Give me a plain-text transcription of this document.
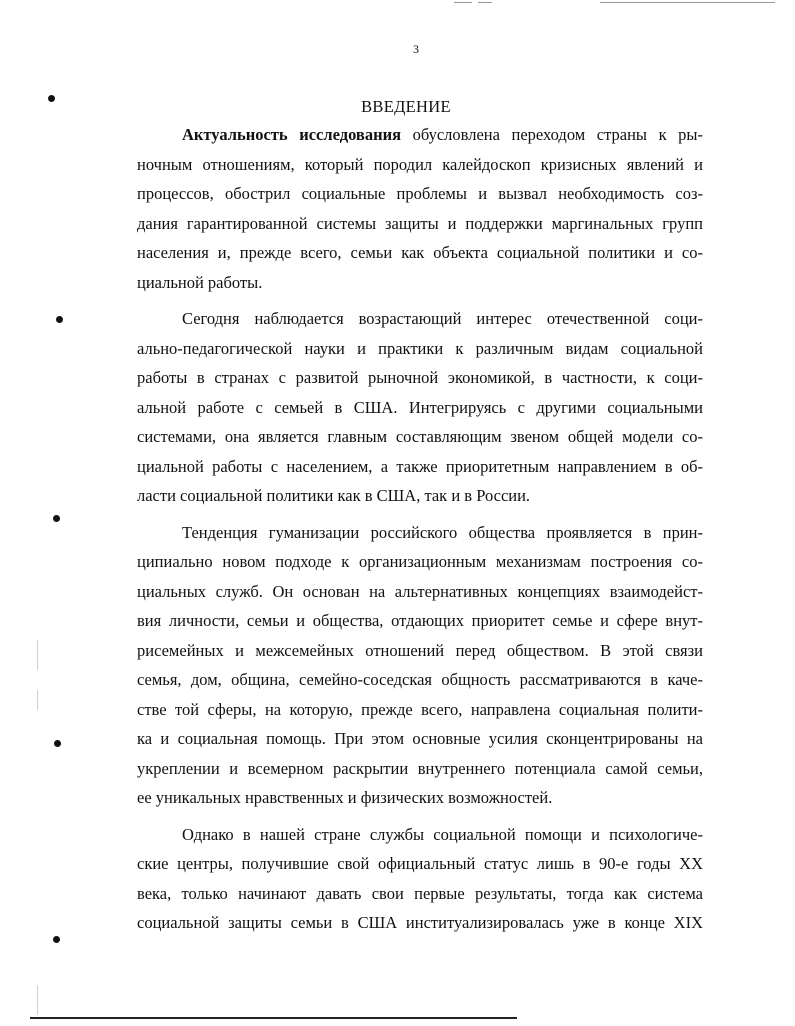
3
ВВЕДЕНИЕ
Актуальность исследования обусловлена переходом страны к ры-
ночным отношениям, который породил калейдоскоп кризисных явлений и
процессов, обострил социальные проблемы и вызвал необходимость соз-
дания гарантированной системы защиты и поддержки маргинальных групп
населения и, прежде всего, семьи как объекта социальной политики и со-
циальной работы.
Сегодня наблюдается возрастающий интерес отечественной соци-
ально-педагогической науки и практики к различным видам социальной
работы в странах с развитой рыночной экономикой, в частности, к соци-
альной работе с семьей в США. Интегрируясь с другими социальными
системами, она является главным составляющим звеном общей модели со-
циальной работы с населением, а также приоритетным направлением в об-
ласти социальной политики как в США, так и в России.
Тенденция гуманизации российского общества проявляется в прин-
ципиально новом подходе к организационным механизмам построения со-
циальных служб. Он основан на альтернативных концепциях взаимодейст-
вия личности, семьи и общества, отдающих приоритет семье и сфере внут-
рисемейных и межсемейных отношений перед обществом. В этой связи
семья, дом, община, семейно-соседская общность рассматриваются в каче-
стве той сферы, на которую, прежде всего, направлена социальная полити-
ка и социальная помощь. При этом основные усилия сконцентрированы на
укреплении и всемерном раскрытии внутреннего потенциала самой семьи,
ее уникальных нравственных и физических возможностей.
Однако в нашей стране службы социальной помощи и психологиче-
ские центры, получившие свой официальный статус лишь в 90-е годы XX
века, только начинают давать свои первые результаты, тогда как система
социальной защиты семьи в США институализировалась уже в конце XIX
